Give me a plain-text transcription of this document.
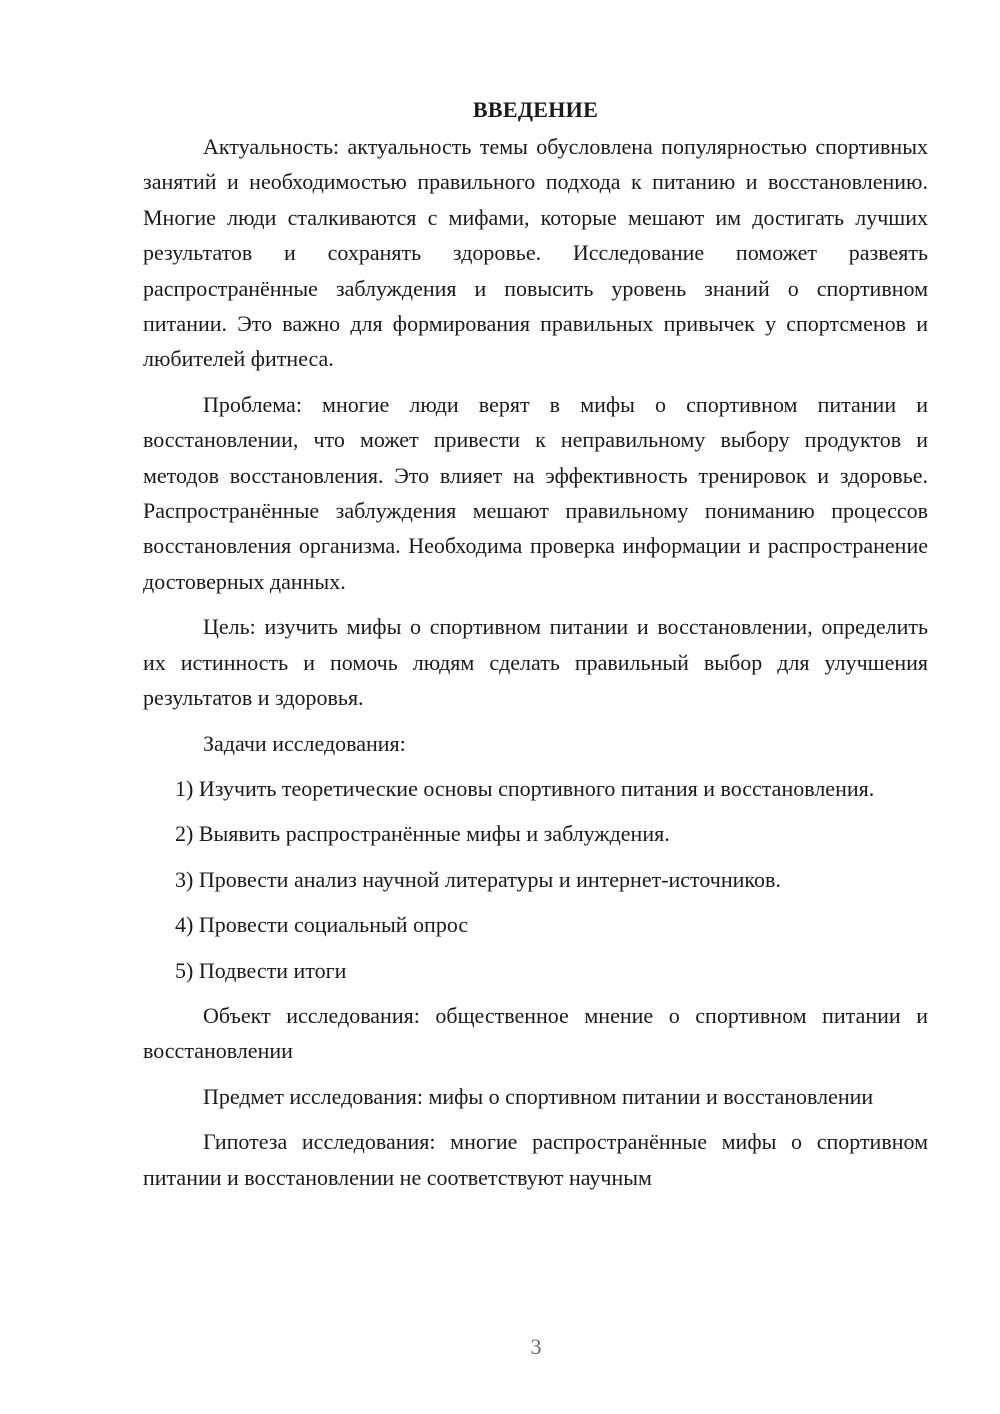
ВВЕДЕНИЕ

Актуальность: актуальность темы обусловлена популярностью спортивных занятий и необходимостью правильного подхода к питанию и восстановлению. Многие люди сталкиваются с мифами, которые мешают им достигать лучших результатов и сохранять здоровье. Исследование поможет развеять распространённые заблуждения и повысить уровень знаний о спортивном питании. Это важно для формирования правильных привычек у спортсменов и любителей фитнеса.

Проблема: многие люди верят в мифы о спортивном питании и восстановлении, что может привести к неправильному выбору продуктов и методов восстановления. Это влияет на эффективность тренировок и здоровье. Распространённые заблуждения мешают правильному пониманию процессов восстановления организма. Необходима проверка информации и распространение достоверных данных.

Цель: изучить мифы о спортивном питании и восстановлении, определить их истинность и помочь людям сделать правильный выбор для улучшения результатов и здоровья.

Задачи исследования:

1) Изучить теоретические основы спортивного питания и восстановления.

2) Выявить распространённые мифы и заблуждения.

3) Провести анализ научной литературы и интернет-источников.

4) Провести социальный опрос

5) Подвести итоги

Объект исследования: общественное мнение о спортивном питании и восстановлении

Предмет исследования: мифы о спортивном питании и восстановлении

Гипотеза исследования: многие распространённые мифы о спортивном питании и восстановлении не соответствуют научным

3
